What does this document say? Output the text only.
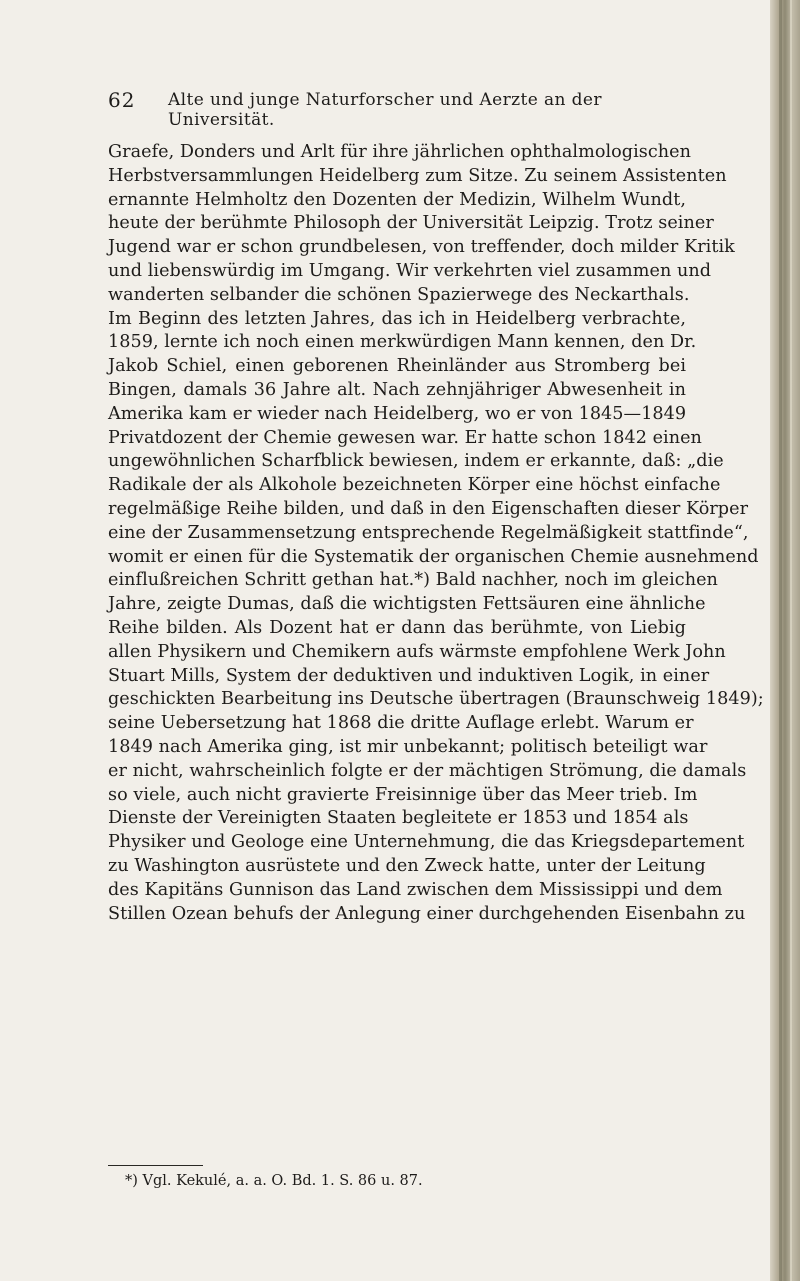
62 Alte und junge Naturforscher und Aerzte an der Universität.
Graefe, Donders und Arlt für ihre jährlichen ophthalmologischen
Herbstversammlungen Heidelberg zum Sitze. Zu seinem Assistenten
ernannte Helmholtz den Dozenten der Medizin, Wilhelm Wundt,
heute der berühmte Philosoph der Universität Leipzig. Trotz seiner
Jugend war er schon grundbelesen, von treffender, doch milder Kritik
und liebenswürdig im Umgang. Wir verkehrten viel zusammen und
wanderten selbander die schönen Spazierwege des Neckarthals.
Im Beginn des letzten Jahres, das ich in Heidelberg verbrachte,
1859, lernte ich noch einen merkwürdigen Mann kennen, den Dr.
Jakob Schiel, einen geborenen Rheinländer aus Stromberg bei
Bingen, damals 36 Jahre alt. Nach zehnjähriger Abwesenheit in
Amerika kam er wieder nach Heidelberg, wo er von 1845—1849
Privatdozent der Chemie gewesen war. Er hatte schon 1842 einen
ungewöhnlichen Scharfblick bewiesen, indem er erkannte, daß: „die
Radikale der als Alkohole bezeichneten Körper eine höchst einfache
regelmäßige Reihe bilden, und daß in den Eigenschaften dieser Körper
eine der Zusammensetzung entsprechende Regelmäßigkeit stattfinde“,
womit er einen für die Systematik der organischen Chemie ausnehmend
einflußreichen Schritt gethan hat.*) Bald nachher, noch im gleichen
Jahre, zeigte Dumas, daß die wichtigsten Fettsäuren eine ähnliche
Reihe bilden. Als Dozent hat er dann das berühmte, von Liebig
allen Physikern und Chemikern aufs wärmste empfohlene Werk John
Stuart Mills, System der deduktiven und induktiven Logik, in einer
geschickten Bearbeitung ins Deutsche übertragen (Braunschweig 1849);
seine Uebersetzung hat 1868 die dritte Auflage erlebt. Warum er
1849 nach Amerika ging, ist mir unbekannt; politisch beteiligt war
er nicht, wahrscheinlich folgte er der mächtigen Strömung, die damals
so viele, auch nicht gravierte Freisinnige über das Meer trieb. Im
Dienste der Vereinigten Staaten begleitete er 1853 und 1854 als
Physiker und Geologe eine Unternehmung, die das Kriegsdepartement
zu Washington ausrüstete und den Zweck hatte, unter der Leitung
des Kapitäns Gunnison das Land zwischen dem Mississippi und dem
Stillen Ozean behufs der Anlegung einer durchgehenden Eisenbahn zu
*) Vgl. Kekulé, a. a. O. Bd. 1. S. 86 u. 87.
